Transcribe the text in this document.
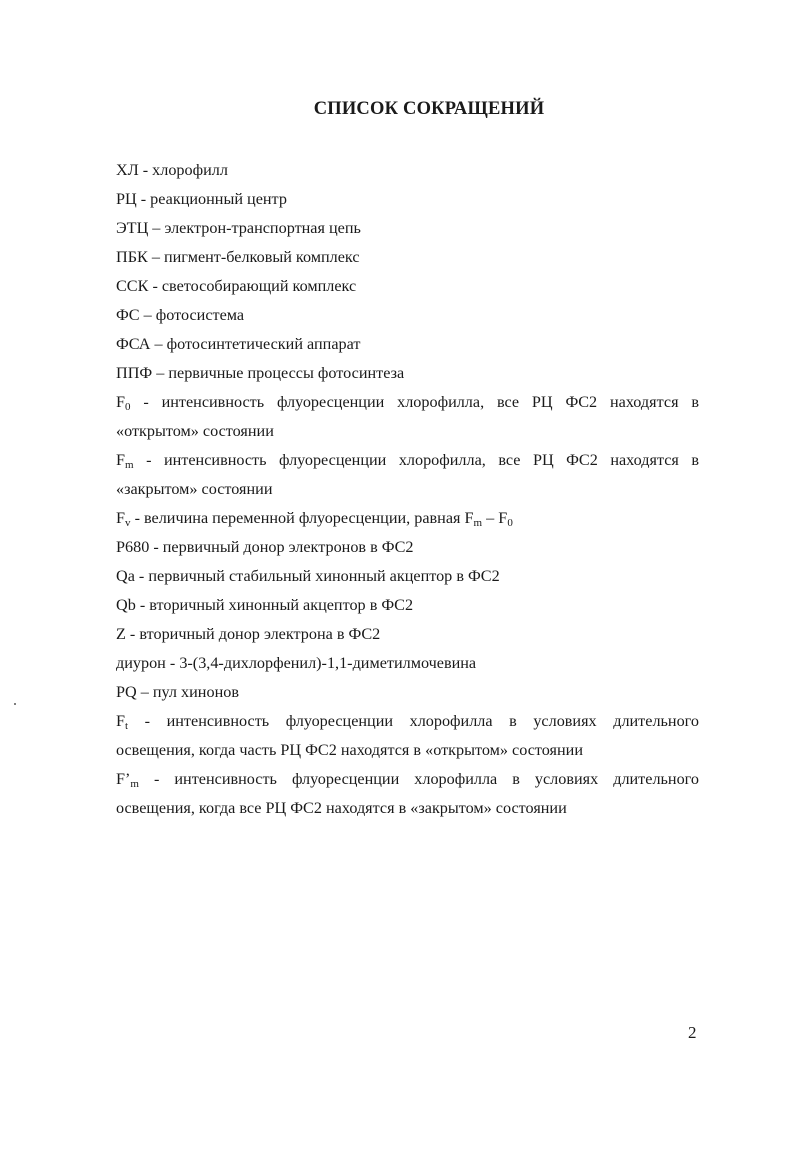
СПИСОК СОКРАЩЕНИЙ
ХЛ - хлорофилл
РЦ - реакционный центр
ЭТЦ – электрон-транспортная цепь
ПБК – пигмент-белковый комплекс
ССК - светособирающий комплекс
ФС – фотосистема
ФСА – фотосинтетический аппарат
ППФ – первичные процессы фотосинтеза
$F_0$ - интенсивность флуоресценции хлорофилла, все РЦ ФС2 находятся в
«открытом» состоянии
$F_m$ - интенсивность флуоресценции хлорофилла, все РЦ ФС2 находятся в
«закрытом» состоянии
$F_v$ - величина переменной флуоресценции, равная $F_m - F_0$
Р680 - первичный донор электронов в ФС2
Qa - первичный стабильный хинонный акцептор в ФС2
Qb - вторичный хинонный акцептор в ФС2
Z - вторичный донор электрона в ФС2
диурон - 3-(3,4-дихлорфенил)-1,1-диметилмочевина
PQ – пул хинонов
$F_t$ - интенсивность флуоресценции хлорофилла в условиях длительного
освещения, когда часть РЦ ФС2 находятся в «открытом» состоянии
$F’_m$ - интенсивность флуоресценции хлорофилла в условиях длительного
освещения, когда все РЦ ФС2 находятся в «закрытом» состоянии
2
